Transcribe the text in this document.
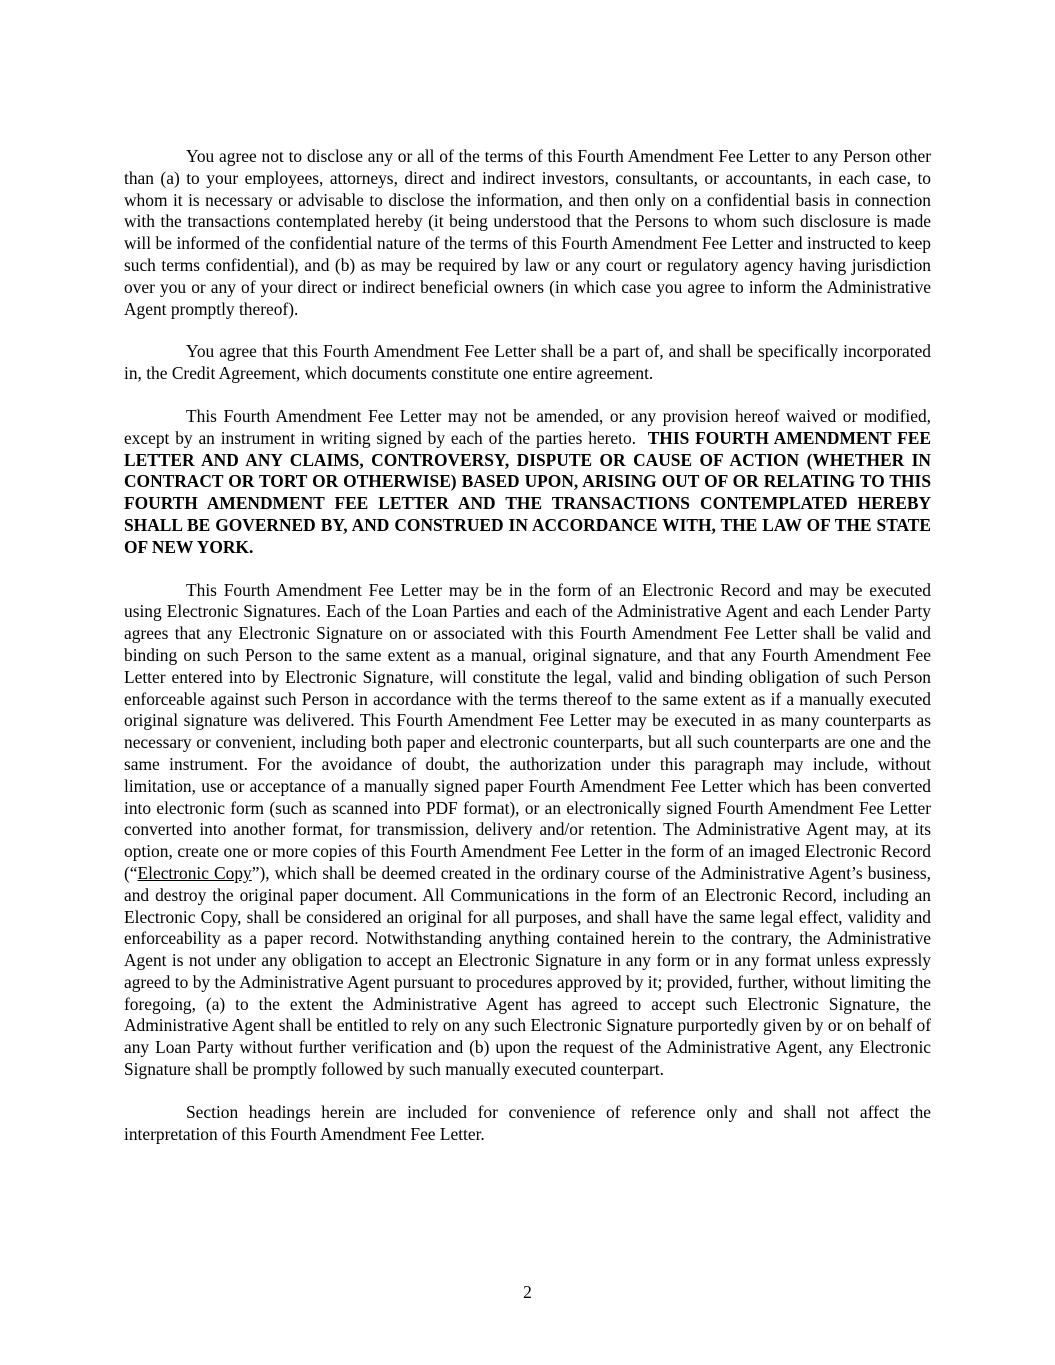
You agree not to disclose any or all of the terms of this Fourth Amendment Fee Letter to any Person other than (a) to your employees, attorneys, direct and indirect investors, consultants, or accountants, in each case, to whom it is necessary or advisable to disclose the information, and then only on a confidential basis in connection with the transactions contemplated hereby (it being understood that the Persons to whom such disclosure is made will be informed of the confidential nature of the terms of this Fourth Amendment Fee Letter and instructed to keep such terms confidential), and (b) as may be required by law or any court or regulatory agency having jurisdiction over you or any of your direct or indirect beneficial owners (in which case you agree to inform the Administrative Agent promptly thereof).

You agree that this Fourth Amendment Fee Letter shall be a part of, and shall be specifically incorporated in, the Credit Agreement, which documents constitute one entire agreement.

This Fourth Amendment Fee Letter may not be amended, or any provision hereof waived or modified, except by an instrument in writing signed by each of the parties hereto. THIS FOURTH AMENDMENT FEE LETTER AND ANY CLAIMS, CONTROVERSY, DISPUTE OR CAUSE OF ACTION (WHETHER IN CONTRACT OR TORT OR OTHERWISE) BASED UPON, ARISING OUT OF OR RELATING TO THIS FOURTH AMENDMENT FEE LETTER AND THE TRANSACTIONS CONTEMPLATED HEREBY SHALL BE GOVERNED BY, AND CONSTRUED IN ACCORDANCE WITH, THE LAW OF THE STATE OF NEW YORK.

This Fourth Amendment Fee Letter may be in the form of an Electronic Record and may be executed using Electronic Signatures. Each of the Loan Parties and each of the Administrative Agent and each Lender Party agrees that any Electronic Signature on or associated with this Fourth Amendment Fee Letter shall be valid and binding on such Person to the same extent as a manual, original signature, and that any Fourth Amendment Fee Letter entered into by Electronic Signature, will constitute the legal, valid and binding obligation of such Person enforceable against such Person in accordance with the terms thereof to the same extent as if a manually executed original signature was delivered. This Fourth Amendment Fee Letter may be executed in as many counterparts as necessary or convenient, including both paper and electronic counterparts, but all such counterparts are one and the same instrument. For the avoidance of doubt, the authorization under this paragraph may include, without limitation, use or acceptance of a manually signed paper Fourth Amendment Fee Letter which has been converted into electronic form (such as scanned into PDF format), or an electronically signed Fourth Amendment Fee Letter converted into another format, for transmission, delivery and/or retention. The Administrative Agent may, at its option, create one or more copies of this Fourth Amendment Fee Letter in the form of an imaged Electronic Record (“Electronic Copy”), which shall be deemed created in the ordinary course of the Administrative Agent’s business, and destroy the original paper document. All Communications in the form of an Electronic Record, including an Electronic Copy, shall be considered an original for all purposes, and shall have the same legal effect, validity and enforceability as a paper record. Notwithstanding anything contained herein to the contrary, the Administrative Agent is not under any obligation to accept an Electronic Signature in any form or in any format unless expressly agreed to by the Administrative Agent pursuant to procedures approved by it; provided, further, without limiting the foregoing, (a) to the extent the Administrative Agent has agreed to accept such Electronic Signature, the Administrative Agent shall be entitled to rely on any such Electronic Signature purportedly given by or on behalf of any Loan Party without further verification and (b) upon the request of the Administrative Agent, any Electronic Signature shall be promptly followed by such manually executed counterpart.

Section headings herein are included for convenience of reference only and shall not affect the interpretation of this Fourth Amendment Fee Letter.

2
